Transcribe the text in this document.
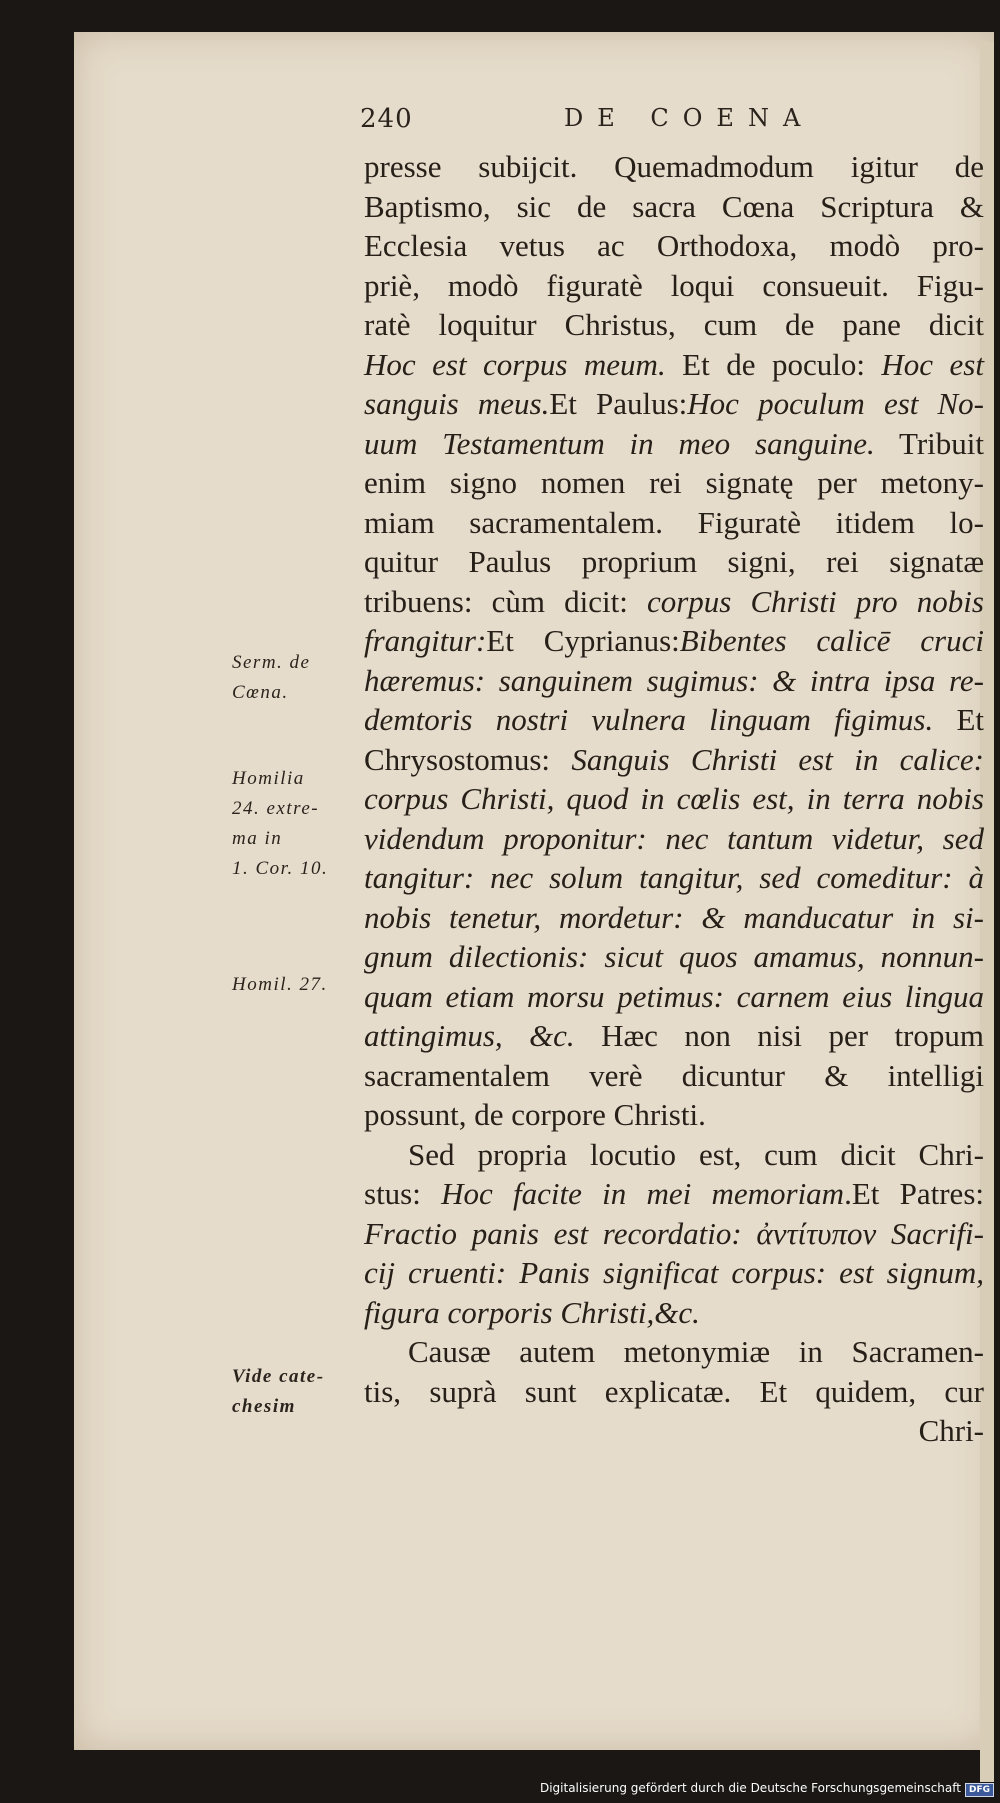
240	DE COENA
presse subijcit. Quemadmodum igitur de
Baptismo, sic de sacra Cœna Scriptura &
Ecclesia vetus ac Orthodoxa, modò pro-
priè, modò figuratè loqui consueuit. Figu-
ratè loquitur Christus, cum de pane dicit
Hoc est corpus meum. Et de poculo: Hoc est
sanguis meus.Et Paulus:Hoc poculum est No-
uum Testamentum in meo sanguine. Tribuit
enim signo nomen rei signatę per metony-
miam sacramentalem. Figuratè itidem lo-
quitur Paulus proprium signi, rei signatæ
tribuens: cùm dicit: corpus Christi pro nobis
frangitur:Et Cyprianus:Bibentes calicē cruci
hæremus: sanguinem sugimus: & intra ipsa re-
demtoris nostri vulnera linguam figimus. Et
Chrysostomus: Sanguis Christi est in calice:
corpus Christi, quod in cœlis est, in terra nobis
videndum proponitur: nec tantum videtur, sed
tangitur: nec solum tangitur, sed comeditur: à
nobis tenetur, mordetur: & manducatur in si-
gnum dilectionis: sicut quos amamus, nonnun-
quam etiam morsu petimus: carnem eius lingua
attingimus, &c. Hæc non nisi per tropum
sacramentalem verè dicuntur & intelligi
possunt, de corpore Christi.
Sed propria locutio est, cum dicit Chri-
stus: Hoc facite in mei memoriam.Et Patres:
Fractio panis est recordatio: ἀντίτυπον Sacrifi-
cij cruenti: Panis significat corpus: est signum,
figura corporis Christi,&c.
Causæ autem metonymiæ in Sacramen-
tis, suprà sunt explicatæ. Et quidem, cur
Chri-
Serm. de
Cœna.
Homilia
24. extre-
ma in
1. Cor. 10.
Homil. 27.
Vide cate-
chesim
Digitalisierung gefördert durch die Deutsche Forschungsgemeinschaft DFG
